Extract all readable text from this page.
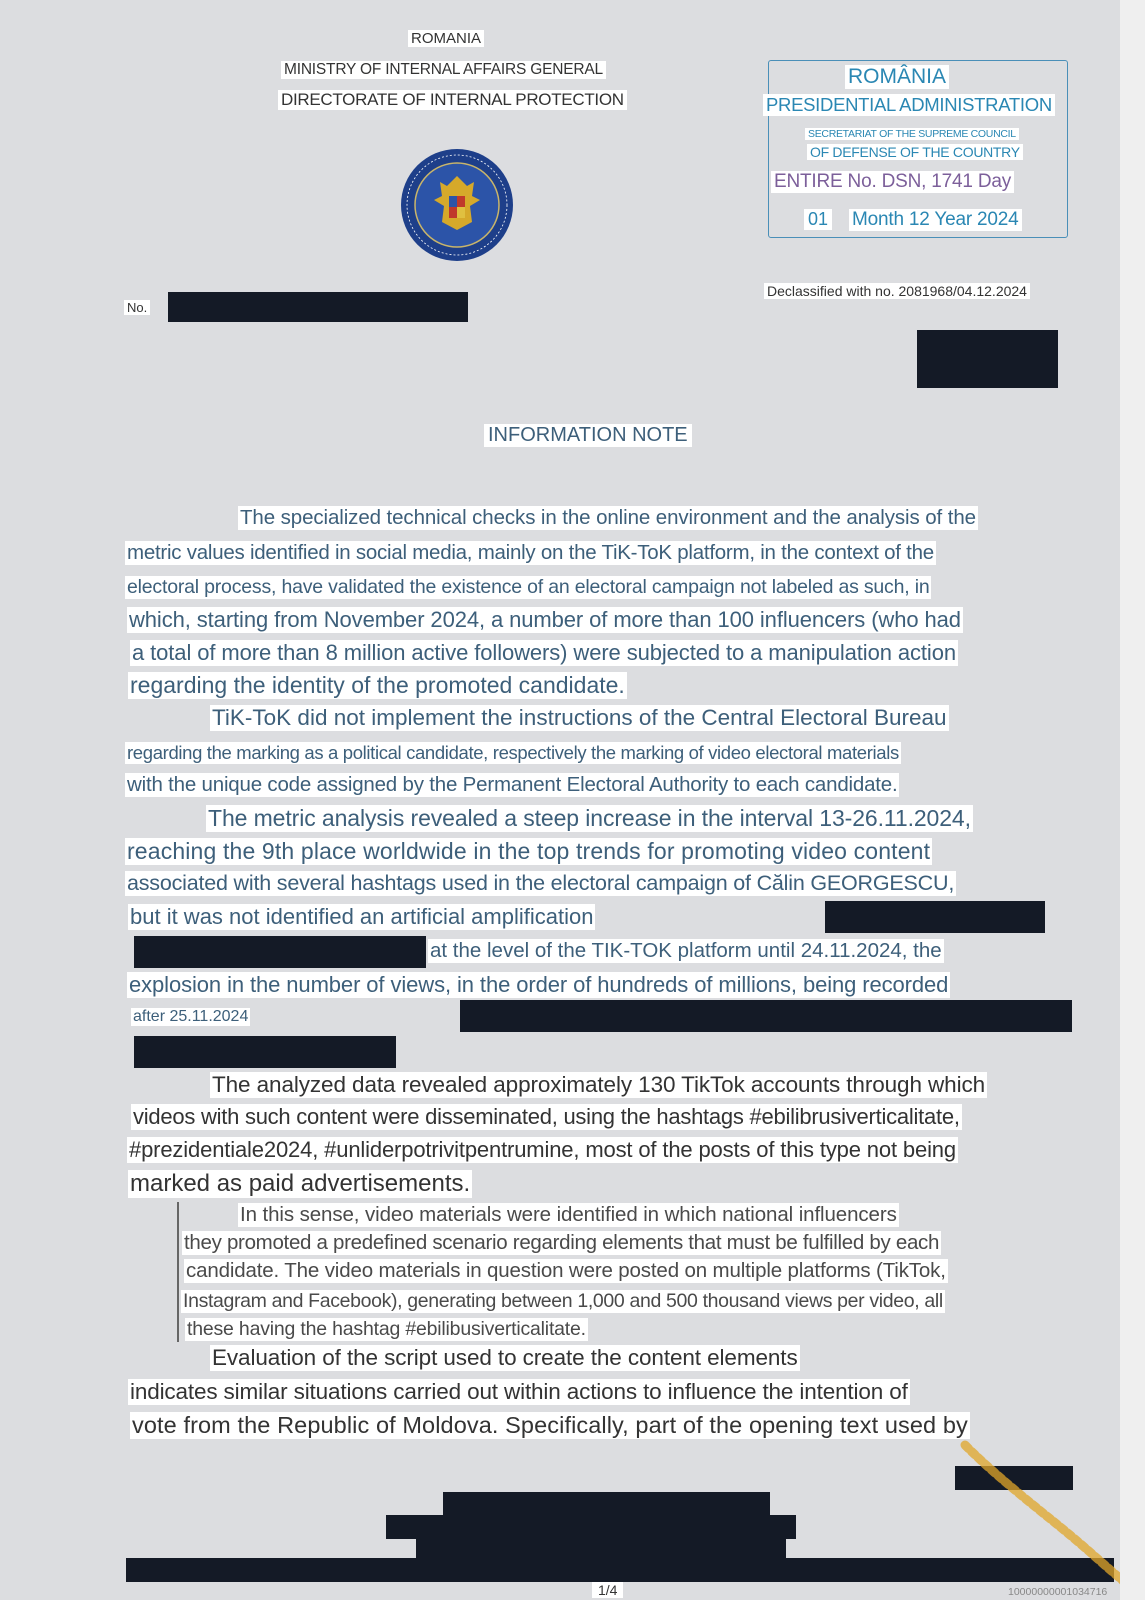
ROMANIA
MINISTRY OF INTERNAL AFFAIRS GENERAL
DIRECTORATE OF INTERNAL PROTECTION
ROMÂNIA
PRESIDENTIAL ADMINISTRATION
SECRETARIAT OF THE SUPREME COUNCIL
OF DEFENSE OF THE COUNTRY
ENTIRE No. DSN, 1741 Day
01 Month 12 Year 2024
Declassified with no. 2081968/04.12.2024
No.
INFORMATION NOTE
The specialized technical checks in the online environment and the analysis of the
metric values identified in social media, mainly on the TiK-ToK platform, in the context of the
electoral process, have validated the existence of an electoral campaign not labeled as such, in
which, starting from November 2024, a number of more than 100 influencers (who had
a total of more than 8 million active followers) were subjected to a manipulation action
regarding the identity of the promoted candidate.
TiK-ToK did not implement the instructions of the Central Electoral Bureau
regarding the marking as a political candidate, respectively the marking of video electoral materials
with the unique code assigned by the Permanent Electoral Authority to each candidate.
The metric analysis revealed a steep increase in the interval 13-26.11.2024,
reaching the 9th place worldwide in the top trends for promoting video content
associated with several hashtags used in the electoral campaign of Călin GEORGESCU,
but it was not identified an artificial amplification
at the level of the TIK-TOK platform until 24.11.2024, the
explosion in the number of views, in the order of hundreds of millions, being recorded
after 25.11.2024
The analyzed data revealed approximately 130 TikTok accounts through which
videos with such content were disseminated, using the hashtags #ebilibrusiverticalitate,
#prezidentiale2024, #unliderpotrivitpentrumine, most of the posts of this type not being
marked as paid advertisements.
In this sense, video materials were identified in which national influencers
they promoted a predefined scenario regarding elements that must be fulfilled by each
candidate. The video materials in question were posted on multiple platforms (TikTok,
Instagram and Facebook), generating between 1,000 and 500 thousand views per video, all
these having the hashtag #ebilibusiverticalitate.
Evaluation of the script used to create the content elements
indicates similar situations carried out within actions to influence the intention of
vote from the Republic of Moldova. Specifically, part of the opening text used by
1/4	10000000001034716
